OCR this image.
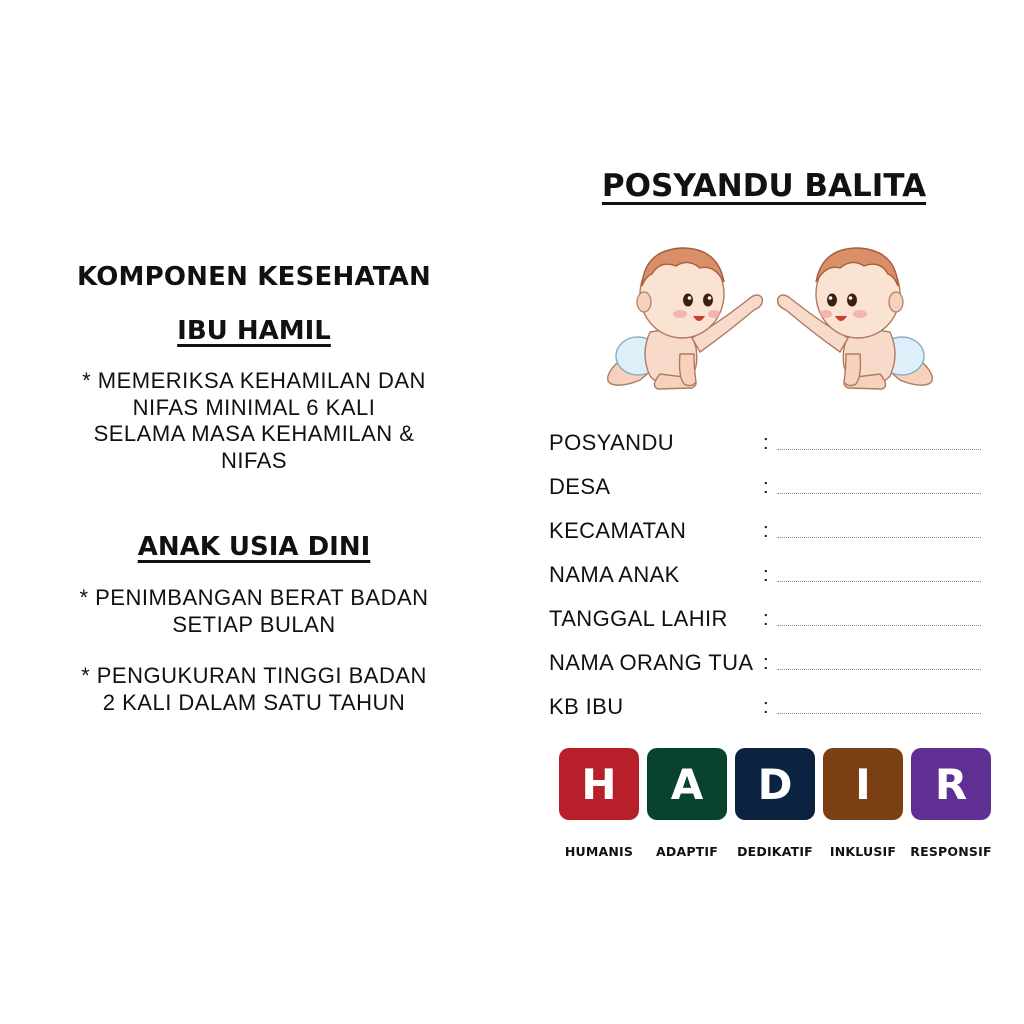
KOMPONEN KESEHATAN
IBU HAMIL

* MEMERIKSA KEHAMILAN DAN
NIFAS MINIMAL 6 KALI
SELAMA MASA KEHAMILAN &
NIFAS

ANAK USIA DINI

* PENIMBANGAN BERAT BADAN
SETIAP BULAN

* PENGUKURAN TINGGI BADAN
2 KALI DALAM SATU TAHUN

POSYANDU BALITA
POSYANDU	:
DESA	:
KECAMATAN	:
NAMA ANAK	:
TANGGAL LAHIR :
NAMA ORANG TUA :
KB IBU	:
H
HUMANIS
A
ADAPTIF
D
DEDIKATIF
I
INKLUSIF
R
RESPONSIF
